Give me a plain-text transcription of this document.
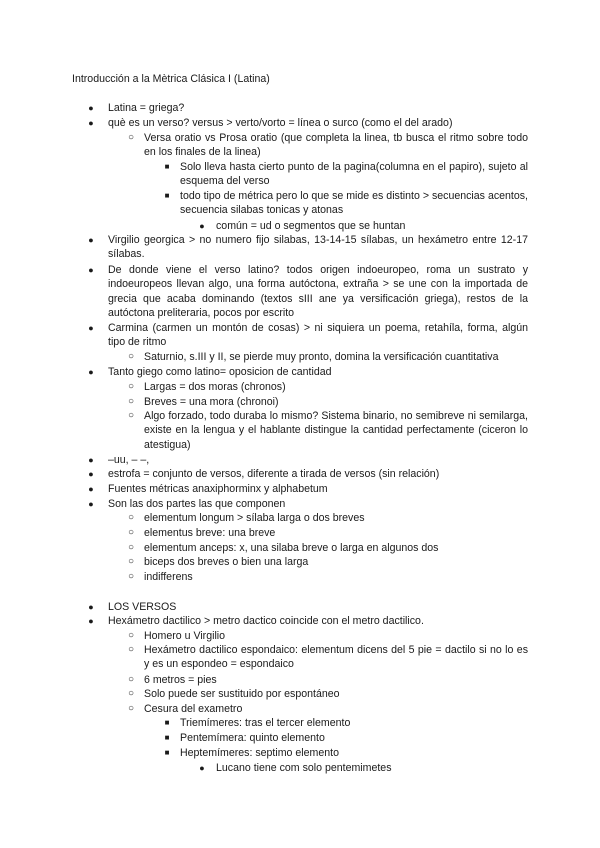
Introducción a la Mètrica Clásica I (Latina)
● Latina = griega?
● què es un verso? versus > verto/vorto = línea o surco (como el del arado)
○ Versa oratio vs Prosa oratio (que completa la linea, tb busca el ritmo sobre todo en los finales de la linea)
■ Solo lleva hasta cierto punto de la pagina(columna en el papiro), sujeto al esquema del verso
■ todo tipo de métrica pero lo que se mide es distinto > secuencias acentos, secuencia silabas tonicas y atonas
● común = ud o segmentos que se huntan
● Virgilio georgica > no numero fijo silabas, 13-14-15 sílabas, un hexámetro entre 12-17 sílabas.
● De donde viene el verso latino? todos origen indoeuropeo, roma un sustrato y indoeuropeos llevan algo, una forma autóctona, extraña > se une con la importada de grecia que acaba dominando (textos sIII ane ya versificación griega), restos de la autóctona preliteraria, pocos por escrito
● Carmina (carmen un montón de cosas) > ni siquiera un poema, retahíla, forma, algún tipo de ritmo
○ Saturnio, s.III y II, se pierde muy pronto, domina la versificación cuantitativa
● Tanto giego como latino= oposicion de cantidad
○ Largas = dos moras (chronos)
○ Breves = una mora (chronoi)
○ Algo forzado, todo duraba lo mismo? Sistema binario, no semibreve ni semilarga, existe en la lengua y el hablante distingue la cantidad perfectamente (ciceron lo atestigua)
● –uu, – –,
● estrofa = conjunto de versos, diferente a tirada de versos (sin relación)
● Fuentes métricas anaxiphorminx y alphabetum
● Son las dos partes las que componen
○ elementum longum > sílaba larga o dos breves
○ elementus breve: una breve
○ elementum anceps: x, una silaba breve o larga en algunos dos
○ biceps dos breves o bien una larga
○ indifferens
● LOS VERSOS
● Hexámetro dactilico > metro dactico coincide con el metro dactilico.
○ Homero u Virgilio
○ Hexámetro dactilico espondaico: elementum dicens del 5 pie = dactilo si no lo es y es un espondeo = espondaico
○ 6 metros = pies
○ Solo puede ser sustituido por espontáneo
○ Cesura del exametro
■ Triemímeres: tras el tercer elemento
■ Pentemímera: quinto elemento
■ Heptemímeres: septimo elemento
● Lucano tiene com solo pentemimetes
